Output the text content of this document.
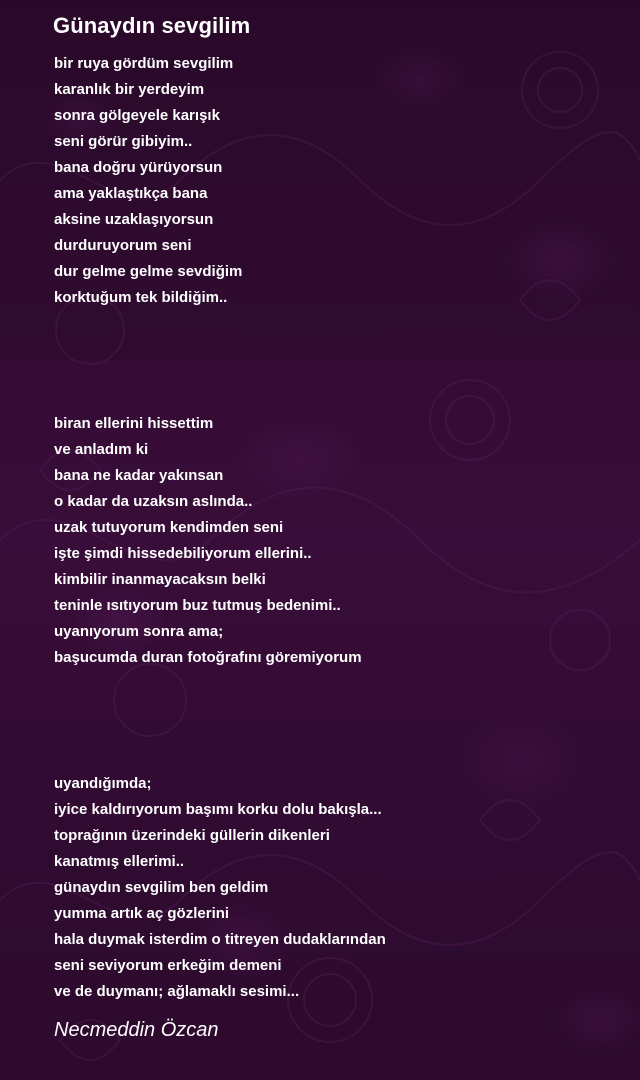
Günaydın sevgilim
bir ruya gördüm sevgilim
karanlık bir yerdeyim
sonra gölgeyele karışık
seni görür gibiyim..
bana doğru yürüyorsun
ama yaklaştıkça bana
aksine uzaklaşıyorsun
durduruyorum seni
dur gelme gelme sevdiğim
korktuğum tek bildiğim..
biran ellerini hissettim
ve anladım ki
bana ne kadar yakınsan
o kadar da uzaksın aslında..
uzak tutuyorum kendimden seni
işte şimdi hissedebiliyorum ellerini..
kimbilir inanmayacaksın belki
teninle ısıtıyorum buz tutmuş bedenimi..
uyanıyorum sonra ama;
başucumda duran fotoğrafını göremiyorum
uyandığımda;
iyice kaldırıyorum başımı korku dolu bakışla...
toprağının üzerindeki güllerin dikenleri
kanatmış ellerimi..
günaydın sevgilim ben geldim
yumma artık aç gözlerini
hala duymak isterdim o titreyen dudaklarından
seni seviyorum erkeğim demeni
ve de duymanı; ağlamaklı sesimi...

Necmeddin Özcan
